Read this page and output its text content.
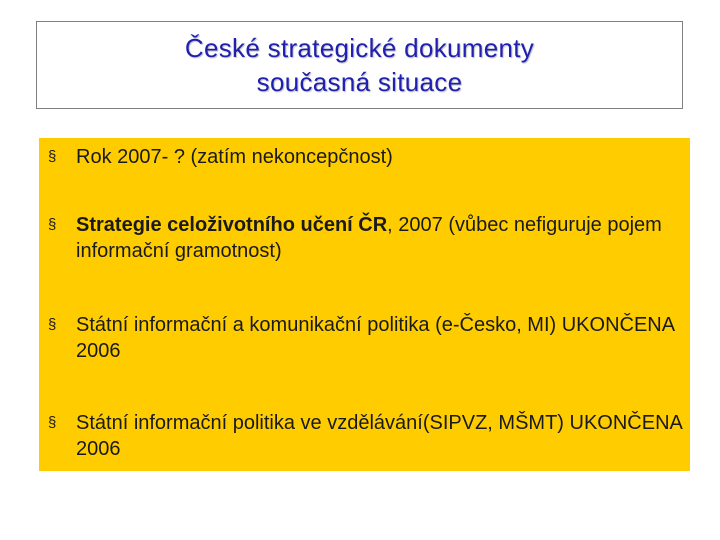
České strategické dokumenty
současná situace
§ Rok 2007- ? (zatím nekoncepčnost)
§ Strategie celoživotního učení ČR, 2007 (vůbec nefiguruje pojem informační gramotnost)
§ Státní informační a komunikační politika (e-Česko, MI) UKONČENA 2006
§ Státní informační politika ve vzdělávání(SIPVZ, MŠMT) UKONČENA 2006
